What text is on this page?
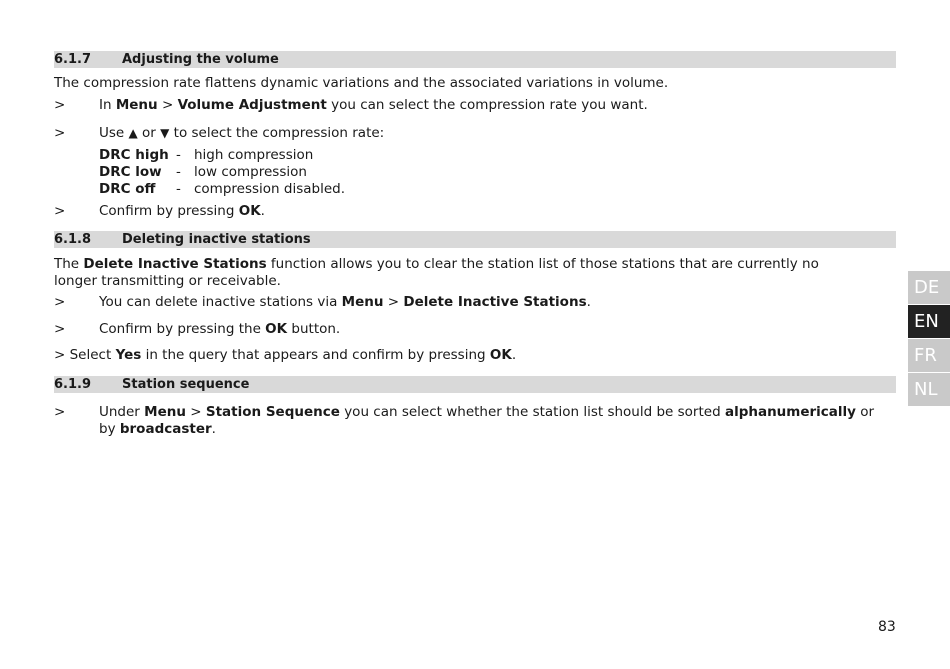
6.1.7 Adjusting the volume
The compression rate flattens dynamic variations and the associated variations in volume.
> In Menu > Volume Adjustment you can select the compression rate you want.
> Use ▲ or ▼ to select the compression rate:
DRC high - high compression
DRC low - low compression
DRC off - compression disabled.
> Confirm by pressing OK.
6.1.8 Deleting inactive stations
The Delete Inactive Stations function allows you to clear the station list of those stations that are currently no longer transmitting or receivable.
> You can delete inactive stations via Menu > Delete Inactive Stations.
> Confirm by pressing the OK button.
> Select Yes in the query that appears and confirm by pressing OK.
6.1.9 Station sequence
> Under Menu > Station Sequence you can select whether the station list should be sorted alphanumerically or by broadcaster.
DE
EN
FR
NL
83
